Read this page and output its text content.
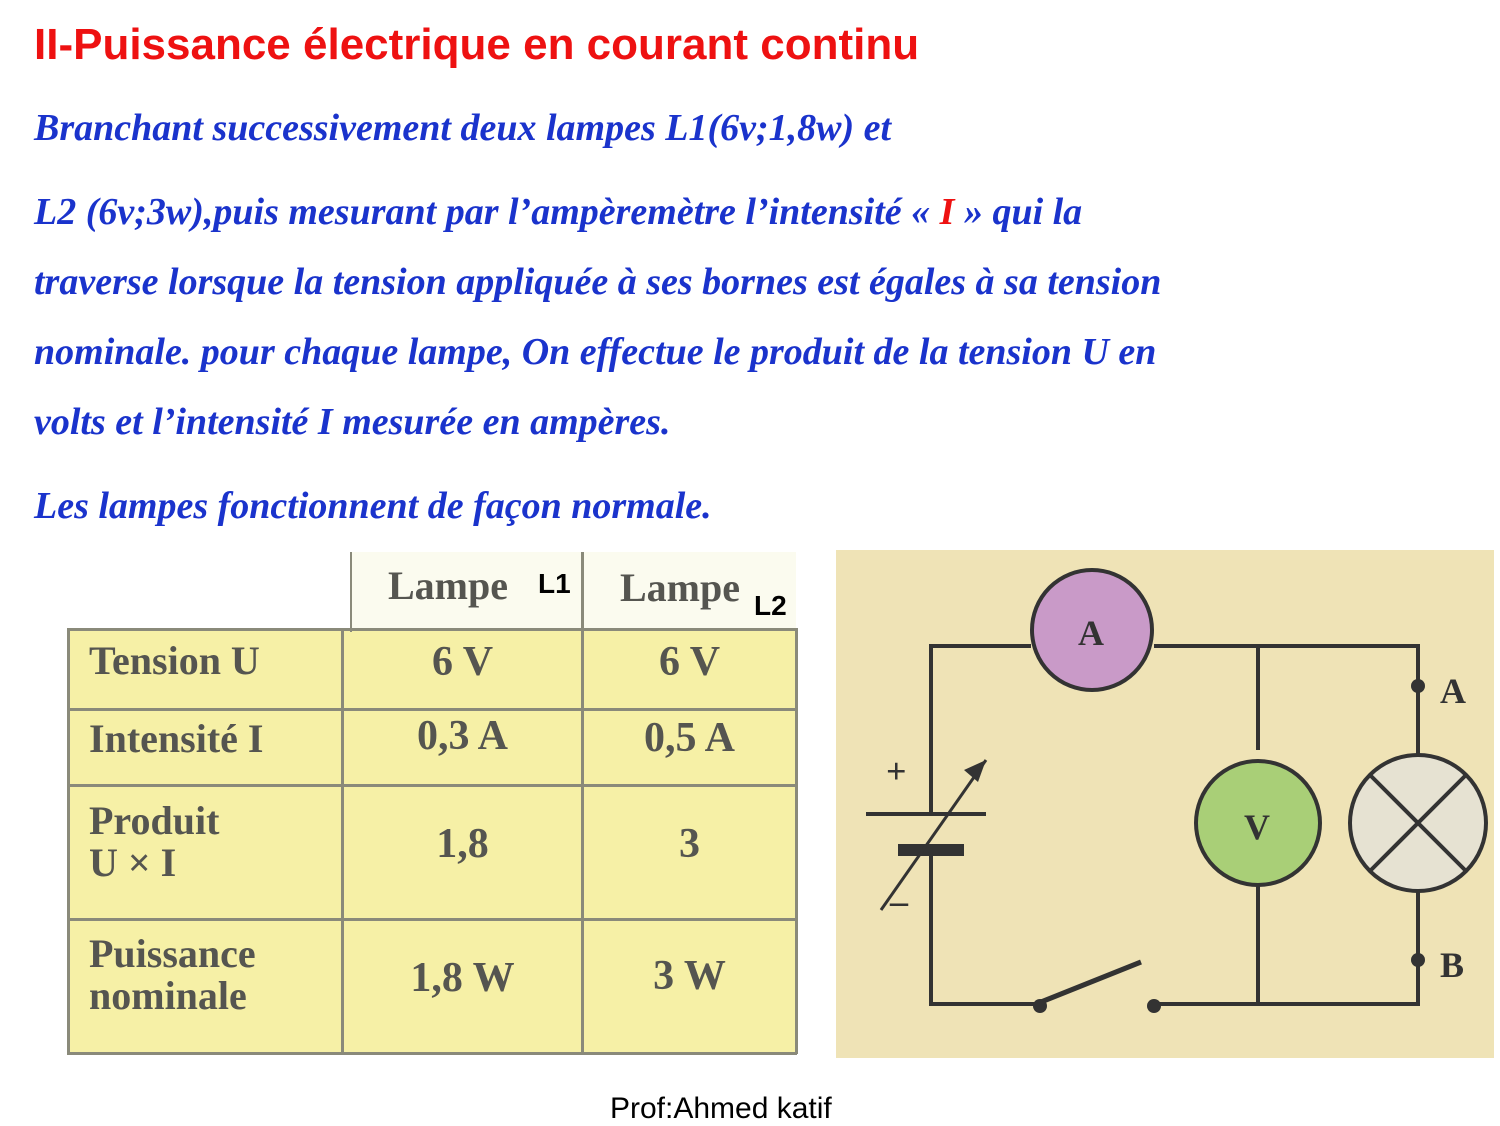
II-Puissance électrique en courant continu
Branchant successivement deux lampes L1(6v;1,8w) et
L2 (6v;3w),puis mesurant par l’ampèremètre l’intensité « I » qui la
traverse lorsque la tension appliquée à ses bornes est égales à sa tension
nominale. pour chaque lampe, On effectue le produit de la tension U en
volts et l’intensité I mesurée en ampères.
Les lampes fonctionnent de façon normale.
Lampe L1 Lampe L2
Tension U	6 V	6 V
Intensité I	0,3 A	0,5 A
Produit
U × I	1,8	3
Puissance
nominale	1,8 W	3 W
A
V
A
B
+
–
Prof:Ahmed katif
